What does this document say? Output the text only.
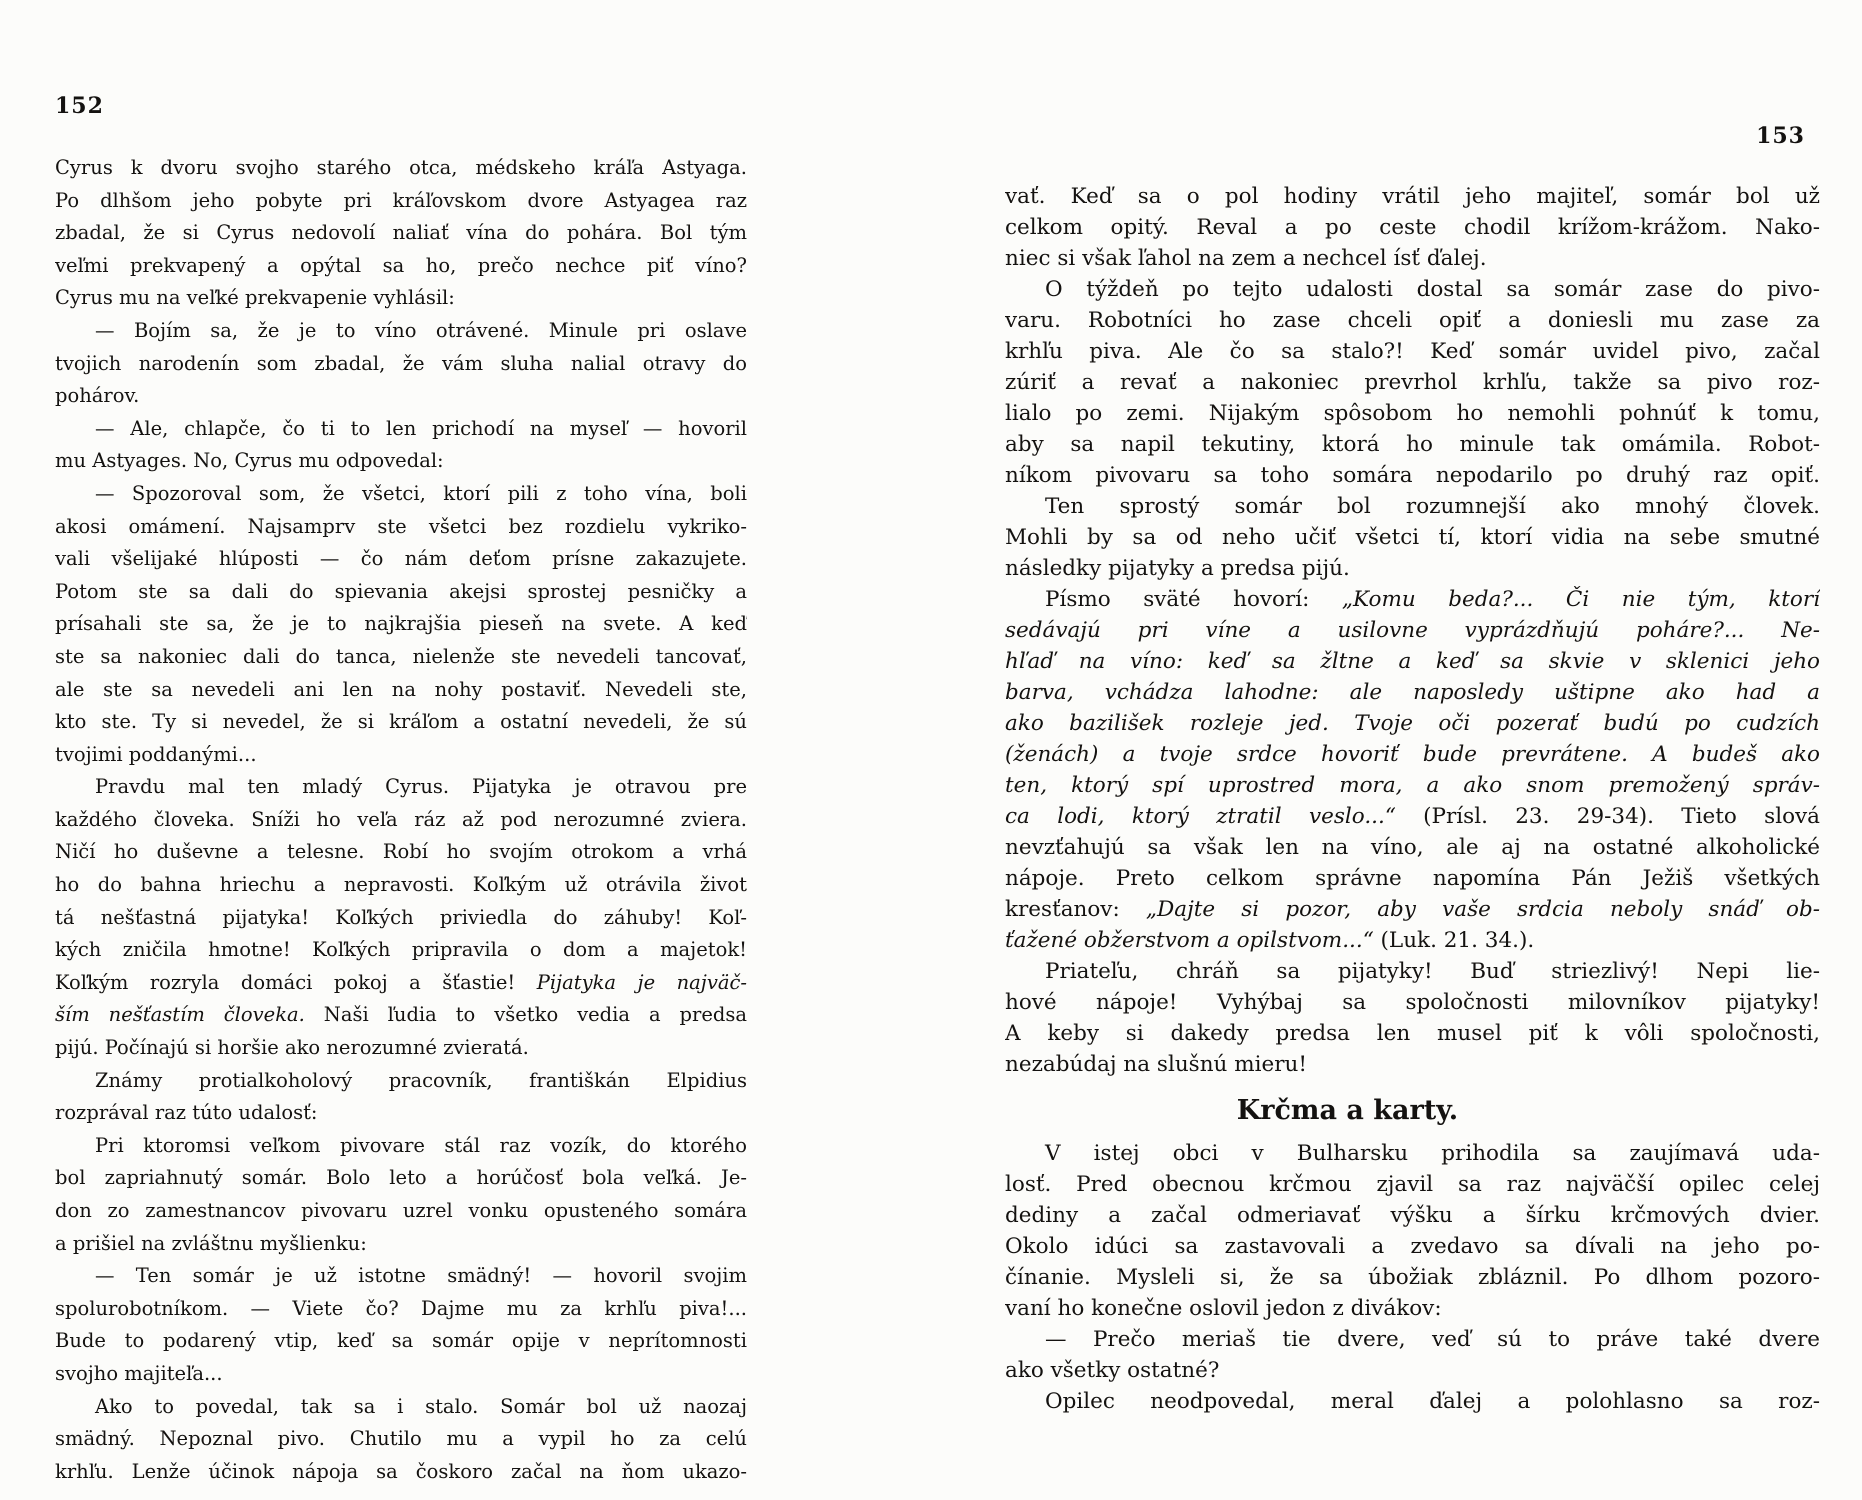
152
Cyrus k dvoru svojho starého otca, médskeho kráľa Astyaga.
Po dlhšom jeho pobyte pri kráľovskom dvore Astyagea raz
zbadal, že si Cyrus nedovolí naliať vína do pohára. Bol tým
veľmi prekvapený a opýtal sa ho, prečo nechce piť víno?
Cyrus mu na veľké prekvapenie vyhlásil:
— Bojím sa, že je to víno otrávené. Minule pri oslave
tvojich narodenín som zbadal, že vám sluha nalial otravy do
pohárov.
— Ale, chlapče, čo ti to len prichodí na myseľ — hovoril
mu Astyages. No, Cyrus mu odpovedal:
— Spozoroval som, že všetci, ktorí pili z toho vína, boli
akosi omámení. Najsamprv ste všetci bez rozdielu vykriko-
vali všelijaké hlúposti — čo nám deťom prísne zakazujete.
Potom ste sa dali do spievania akejsi sprostej pesničky a
prísahali ste sa, že je to najkrajšia pieseň na svete. A keď
ste sa nakoniec dali do tanca, nielenže ste nevedeli tancovať,
ale ste sa nevedeli ani len na nohy postaviť. Nevedeli ste,
kto ste. Ty si nevedel, že si kráľom a ostatní nevedeli, že sú
tvojimi poddanými...
Pravdu mal ten mladý Cyrus. Pijatyka je otravou pre
každého človeka. Sníži ho veľa ráz až pod nerozumné zviera.
Ničí ho duševne a telesne. Robí ho svojím otrokom a vrhá
ho do bahna hriechu a nepravosti. Koľkým už otrávila život
tá nešťastná pijatyka! Koľkých priviedla do záhuby! Koľ-
kých zničila hmotne! Koľkých pripravila o dom a majetok!
Koľkým rozryla domáci pokoj a šťastie! Pijatyka je najväč-
ším nešťastím človeka. Naši ľudia to všetko vedia a predsa
pijú. Počínajú si horšie ako nerozumné zvieratá.
Známy protialkoholový pracovník, františkán Elpidius
rozprával raz túto udalosť:
Pri ktoromsi veľkom pivovare stál raz vozík, do ktorého
bol zapriahnutý somár. Bolo leto a horúčosť bola veľká. Je-
don zo zamestnancov pivovaru uzrel vonku opusteného somára
a prišiel na zvláštnu myšlienku:
— Ten somár je už istotne smädný! — hovoril svojim
spolurobotníkom. — Viete čo? Dajme mu za krhľu piva!...
Bude to podarený vtip, keď sa somár opije v neprítomnosti
svojho majiteľa...
Ako to povedal, tak sa i stalo. Somár bol už naozaj
smädný. Nepoznal pivo. Chutilo mu a vypil ho za celú
krhľu. Lenže účinok nápoja sa čoskoro začal na ňom ukazo-
153
vať. Keď sa o pol hodiny vrátil jeho majiteľ, somár bol už
celkom opitý. Reval a po ceste chodil krížom-krážom. Nako-
niec si však ľahol na zem a nechcel ísť ďalej.
O týždeň po tejto udalosti dostal sa somár zase do pivo-
varu. Robotníci ho zase chceli opiť a doniesli mu zase za
krhľu piva. Ale čo sa stalo?! Keď somár uvidel pivo, začal
zúriť a revať a nakoniec prevrhol krhľu, takže sa pivo roz-
lialo po zemi. Nijakým spôsobom ho nemohli pohnúť k tomu,
aby sa napil tekutiny, ktorá ho minule tak omámila. Robot-
níkom pivovaru sa toho somára nepodarilo po druhý raz opiť.
Ten sprostý somár bol rozumnejší ako mnohý človek.
Mohli by sa od neho učiť všetci tí, ktorí vidia na sebe smutné
následky pijatyky a predsa pijú.
Písmo sväté hovorí: „Komu beda?... Či nie tým, ktorí
sedávajú pri víne a usilovne vyprázdňujú poháre?... Ne-
hľaď na víno: keď sa žltne a keď sa skvie v sklenici jeho
barva, vchádza lahodne: ale naposledy uštipne ako had a
ako bazilišek rozleje jed. Tvoje oči pozerať budú po cudzích
(ženách) a tvoje srdce hovoriť bude prevrátene. A budeš ako
ten, ktorý spí uprostred mora, a ako snom premožený správ-
ca lodi, ktorý ztratil veslo...“ (Prísl. 23. 29-34). Tieto slová
nevzťahujú sa však len na víno, ale aj na ostatné alkoholické
nápoje. Preto celkom správne napomína Pán Ježiš všetkých
kresťanov: „Dajte si pozor, aby vaše srdcia neboly snáď ob-
ťažené obžerstvom a opilstvom...“ (Luk. 21. 34.).
Priateľu, chráň sa pijatyky! Buď striezlivý! Nepi lie-
hové nápoje! Vyhýbaj sa spoločnosti milovníkov pijatyky!
A keby si dakedy predsa len musel piť k vôli spoločnosti,
nezabúdaj na slušnú mieru!
Krčma a karty.
V istej obci v Bulharsku prihodila sa zaujímavá uda-
losť. Pred obecnou krčmou zjavil sa raz najväčší opilec celej
dediny a začal odmeriavať výšku a šírku krčmových dvier.
Okolo idúci sa zastavovali a zvedavo sa dívali na jeho po-
čínanie. Mysleli si, že sa úbožiak zbláznil. Po dlhom pozoro-
vaní ho konečne oslovil jedon z divákov:
— Prečo meriaš tie dvere, veď sú to práve také dvere
ako všetky ostatné?
Opilec neodpovedal, meral ďalej a polohlasno sa roz-
